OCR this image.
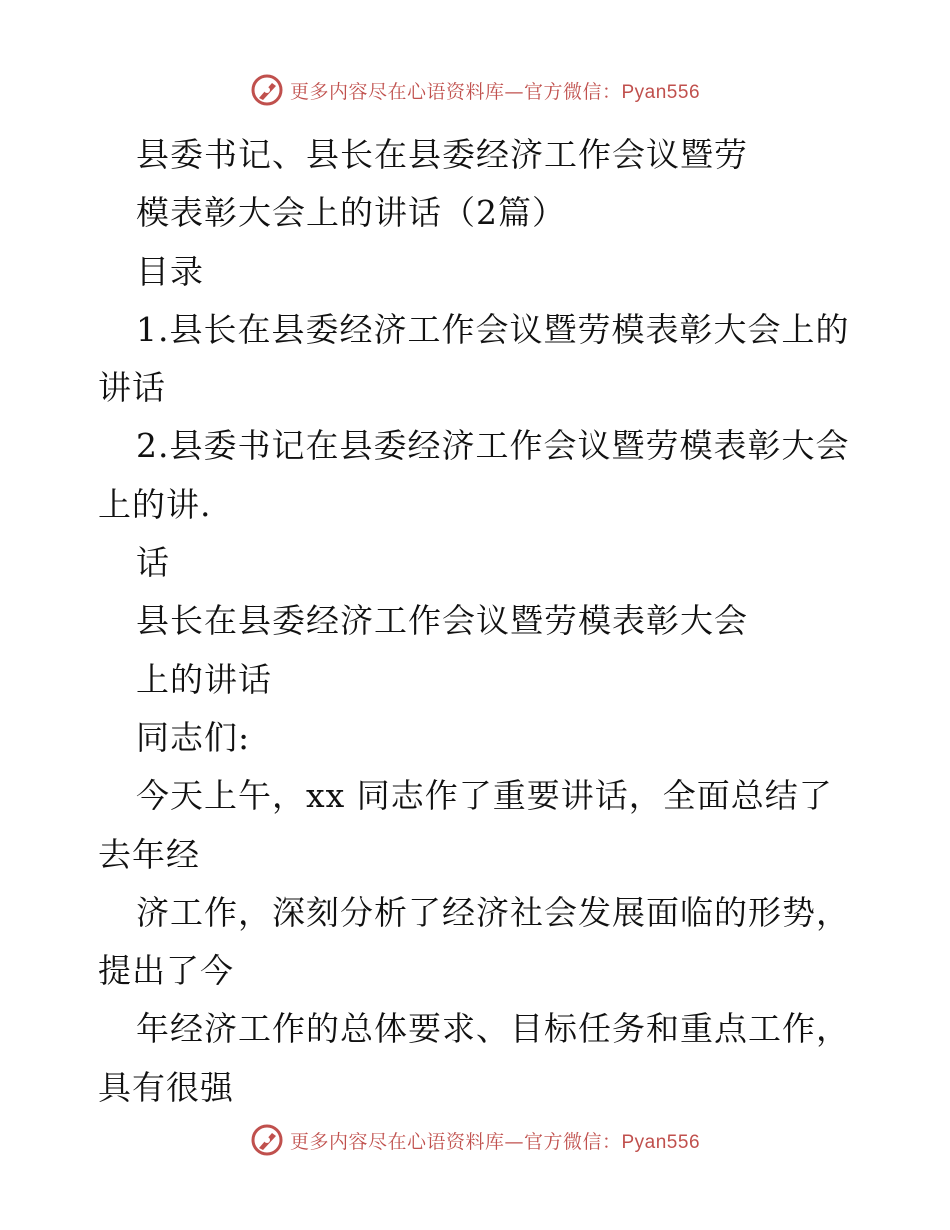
更多内容尽在心语资料库—官方微信：Pyan556
县委书记、县长在县委经济工作会议暨劳
模表彰大会上的讲话（2篇）
目录
1.县长在县委经济工作会议暨劳模表彰大会上的
讲话
2.县委书记在县委经济工作会议暨劳模表彰大会
上的讲.
话
县长在县委经济工作会议暨劳模表彰大会
上的讲话
同志们:
今天上午，xx 同志作了重要讲话，全面总结了
去年经
济工作，深刻分析了经济社会发展面临的形势，
提出了今
年经济工作的总体要求、目标任务和重点工作，
具有很强
更多内容尽在心语资料库—官方微信：Pyan556
